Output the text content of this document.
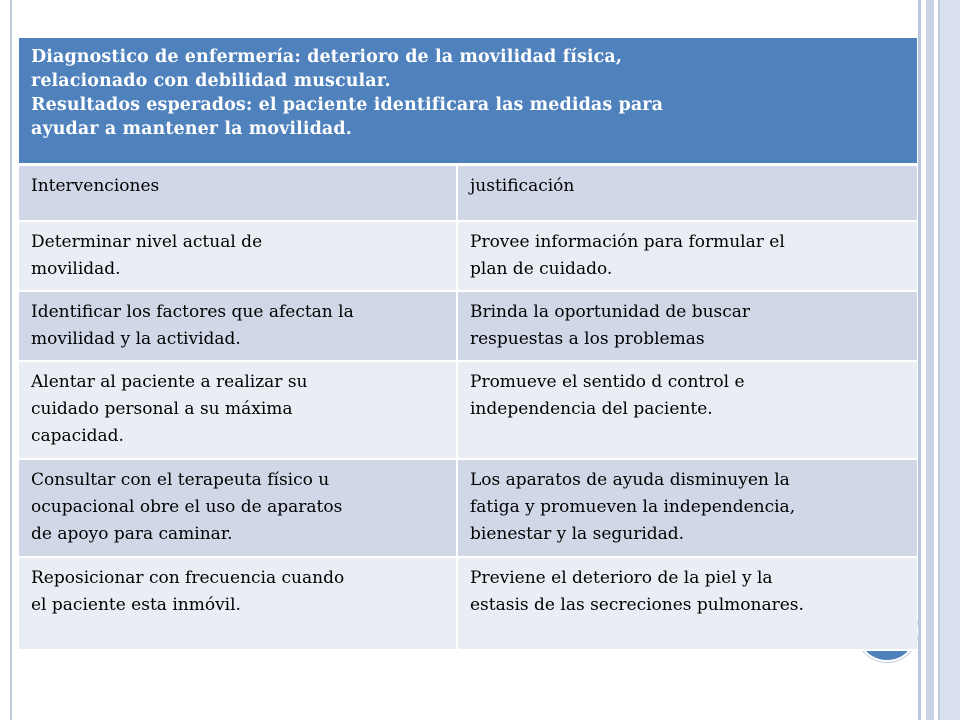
Diagnostico de enfermería: deterioro de la movilidad física,
relacionado con debilidad muscular.
Resultados esperados: el paciente identificara las medidas para
ayudar a mantener la movilidad.	

Intervenciones	justificación

Determinar nivel actual de
movilidad.	Provee información para formular el
plan de cuidado.

Identificar los factores que afectan la
movilidad y la actividad.	Brinda la oportunidad de buscar
respuestas a los problemas

Alentar al paciente a realizar su
cuidado personal a su máxima
capacidad.	Promueve el sentido d control e
independencia del paciente.

Consultar con el terapeuta físico u
ocupacional obre el uso de aparatos
de apoyo para caminar.	Los aparatos de ayuda disminuyen la
fatiga y promueven la independencia,
bienestar y la seguridad.

Reposicionar con frecuencia cuando
el paciente esta inmóvil.	Previene el deterioro de la piel y la
estasis de las secreciones pulmonares.
